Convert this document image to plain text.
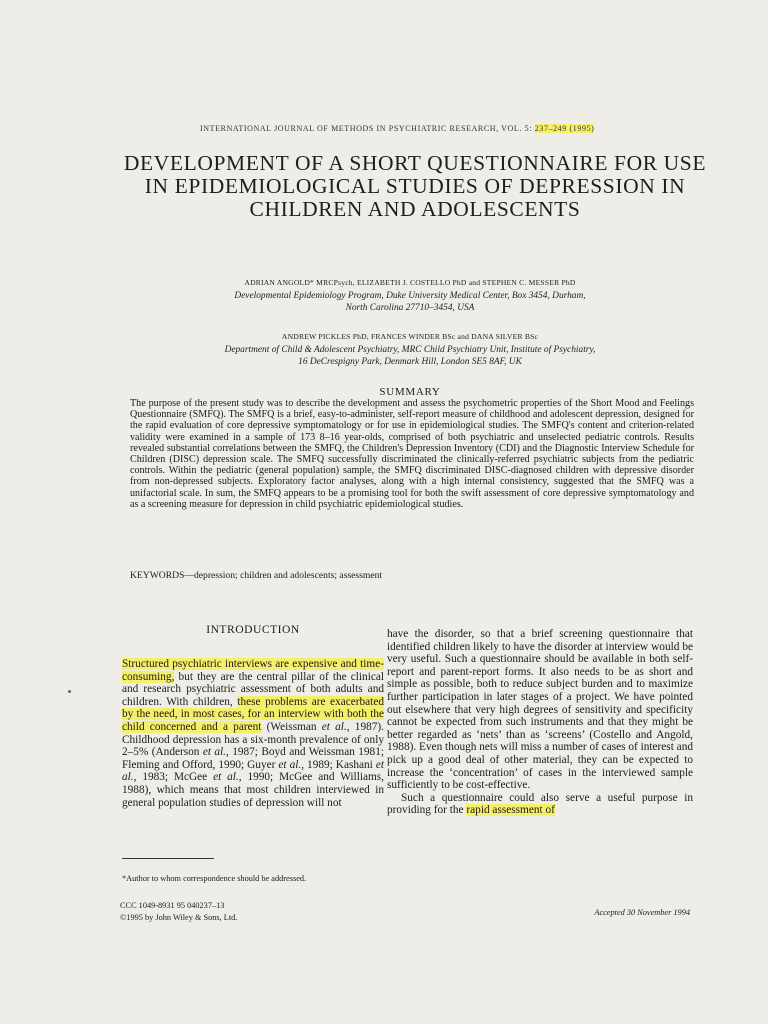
INTERNATIONAL JOURNAL OF METHODS IN PSYCHIATRIC RESEARCH, VOL. 5: 237–249 (1995)
DEVELOPMENT OF A SHORT QUESTIONNAIRE FOR USE IN EPIDEMIOLOGICAL STUDIES OF DEPRESSION IN CHILDREN AND ADOLESCENTS
ADRIAN ANGOLD* MRCPsych, ELIZABETH J. COSTELLO PhD and STEPHEN C. MESSER PhD
Developmental Epidemiology Program, Duke University Medical Center, Box 3454, Durham,
North Carolina 27710–3454, USA
ANDREW PICKLES PhD, FRANCES WINDER BSc and DANA SILVER BSc
Department of Child & Adolescent Psychiatry, MRC Child Psychiatry Unit, Institute of Psychiatry,
16 DeCrespigny Park, Denmark Hill, London SE5 8AF, UK
SUMMARY
The purpose of the present study was to describe the development and assess the psychometric properties of the Short Mood and Feelings Questionnaire (SMFQ). The SMFQ is a brief, easy-to-administer, self-report measure of childhood and adolescent depression, designed for the rapid evaluation of core depressive symptomatology or for use in epidemiological studies. The SMFQ's content and criterion-related validity were examined in a sample of 173 8–16 year-olds, comprised of both psychiatric and unselected pediatric controls. Results revealed substantial correlations between the SMFQ, the Children's Depression Inventory (CDI) and the Diagnostic Interview Schedule for Children (DISC) depression scale. The SMFQ successfully discriminated the clinically-referred psychiatric subjects from the pediatric controls. Within the pediatric (general population) sample, the SMFQ discriminated DISC-diagnosed children with depressive disorder from non-depressed subjects. Exploratory factor analyses, along with a high internal consistency, suggested that the SMFQ was a unifactorial scale. In sum, the SMFQ appears to be a promising tool for both the swift assessment of core depressive symptomatology and as a screening measure for depression in child psychiatric epidemiological studies.
KEYWORDS—depression; children and adolescents; assessment
INTRODUCTION

Structured psychiatric interviews are expensive and time-consuming, but they are the central pillar of the clinical and research psychiatric assessment of both adults and children. With children, these problems are exacerbated by the need, in most cases, for an interview with both the child concerned and a parent (Weissman et al., 1987). Childhood depression has a six-month prevalence of only 2–5% (Anderson et al., 1987; Boyd and Weissman 1981; Fleming and Offord, 1990; Guyer et al., 1989; Kashani et al., 1983; McGee et al., 1990; McGee and Williams, 1988), which means that most children interviewed in general population studies of depression will not

have the disorder, so that a brief screening questionnaire that identified children likely to have the disorder at interview would be very useful. Such a questionnaire should be available in both self-report and parent-report forms. It also needs to be as short and simple as possible, both to reduce subject burden and to maximize further participation in later stages of a project. We have pointed out elsewhere that very high degrees of sensitivity and specificity cannot be expected from such instruments and that they might be better regarded as ‘nets’ than as ‘screens’ (Costello and Angold, 1988). Even though nets will miss a number of cases of interest and pick up a good deal of other material, they can be expected to increase the ‘concentration’ of cases in the interviewed sample sufficiently to be cost-effective.

Such a questionnaire could also serve a useful purpose in providing for the rapid assessment of

*Author to whom correspondence should be addressed.
CCC 1049-8931 95 040237–13
©1995 by John Wiley & Sons, Ltd.	Accepted 30 November 1994
